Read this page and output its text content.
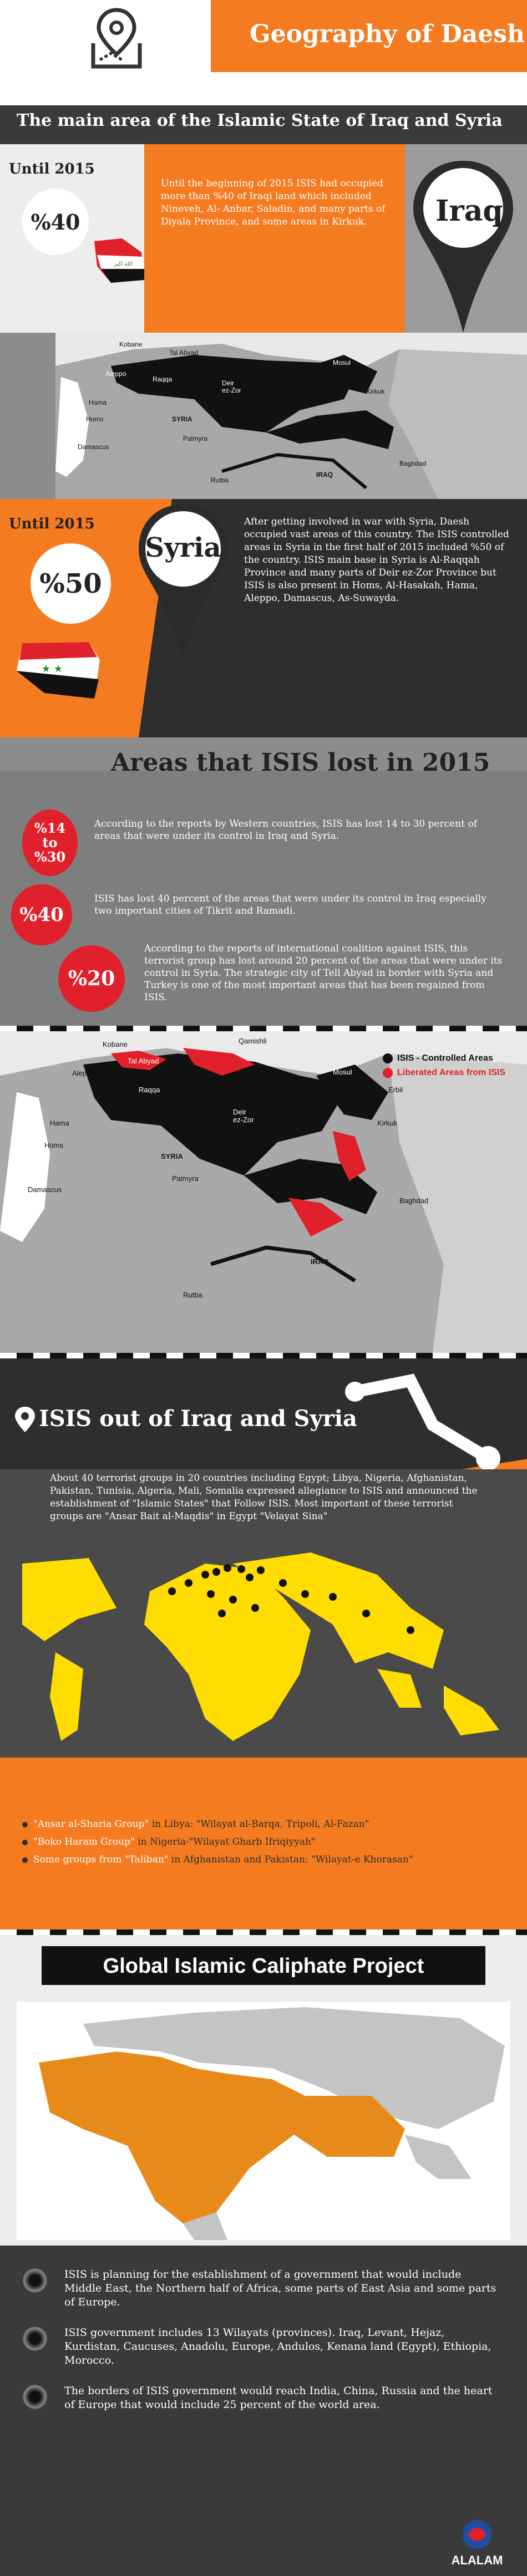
Geography of Daesh
The main area of the Islamic State of Iraq and Syria
Until 2015
%40
الله اكبر
Until the beginning of 2015 ISIS had occupied more than %40 of Iraqi land which included Nineveh, Al- Anbar, Saladin, and many parts of Diyala Province, and some areas in Kirkuk.	Iraq
Kobane
Tal Abyad
Aleppo
Raqqa
Hama
Homs
Deir
ez-Zor
Mosul
Kirkuk
SYRIA
IRAQ
Damascus
Baghdad
Rutba
Palmyra
Until 2015
%50
★ ★
Syria
After getting involved in war with Syria, Daesh occupied vast areas of this country. The ISIS controlled areas in Syria in the first half of 2015 included %50 of the country. ISIS main base in Syria is Al-Raqqah Province and many parts of Deir ez-Zor Province but ISIS is also present in Homs, Al-Hasakah, Hama, Aleppo, Damascus, As-Suwayda.
Areas that ISIS lost in 2015
%14
to
%30
According to the reports by Western countries, ISIS has lost 14 to 30 percent of areas that were under its control in Iraq and Syria.
%40
ISIS has lost 40 percent of the areas that were under its control in Iraq especially two important cities of Tikrit and Ramadi.
%20
According to the reports of international coalition against ISIS, this terrorist group has lost around 20 percent of the areas that were under its control in Syria. The strategic city of Tell Abyad in border with Syria and Turkey is one of the most important areas that has been regained from ISIS.
Kobane
Tal Abyad
Qamishli
Aleppo
Raqqa
Hama
Homs
Deir
ez-Zor
Mosul
Erbil
Kirkuk
SYRIA
IRAQ
Damascus
Baghdad
Rutba
Palmyra
ISIS - Controlled Areas
Liberated Areas from ISIS
ISIS out of Iraq and Syria
About 40 terrorist groups in 20 countries including Egypt; Libya, Nigeria, Afghanistan, Pakistan, Tunisia, Algeria, Mali, Somalia expressed allegiance to ISIS and announced the establishment of "Islamic States" that Follow ISIS. Most important of these terrorist groups are "Ansar Bait al-Maqdis" in Egypt "Velayat Sina"
"Ansar al-Sharia Group" in Libya: "Wilayat al-Barqa, Tripoli, Al-Fazan"
"Boko Haram Group" in Nigeria-"Wilayat Gharb Ifriqiyyah"
Some groups from "Taliban" in Afghanistan and Pakistan: "Wilayat-e Khorasan"
Global Islamic Caliphate Project
ISIS is planning for the establishment of a government that would include Middle East, the Northern half of Africa, some parts of East Asia and some parts of Europe.
ISIS government includes 13 Wilayats (provinces). Iraq, Levant, Hejaz, Kurdistan, Caucuses, Anadolu, Europe, Andulos, Kenana land (Egypt), Ethiopia, Morocco.
The borders of ISIS government would reach India, China, Russia and the heart of Europe that would include 25 percent of the world area.
ALALAM
